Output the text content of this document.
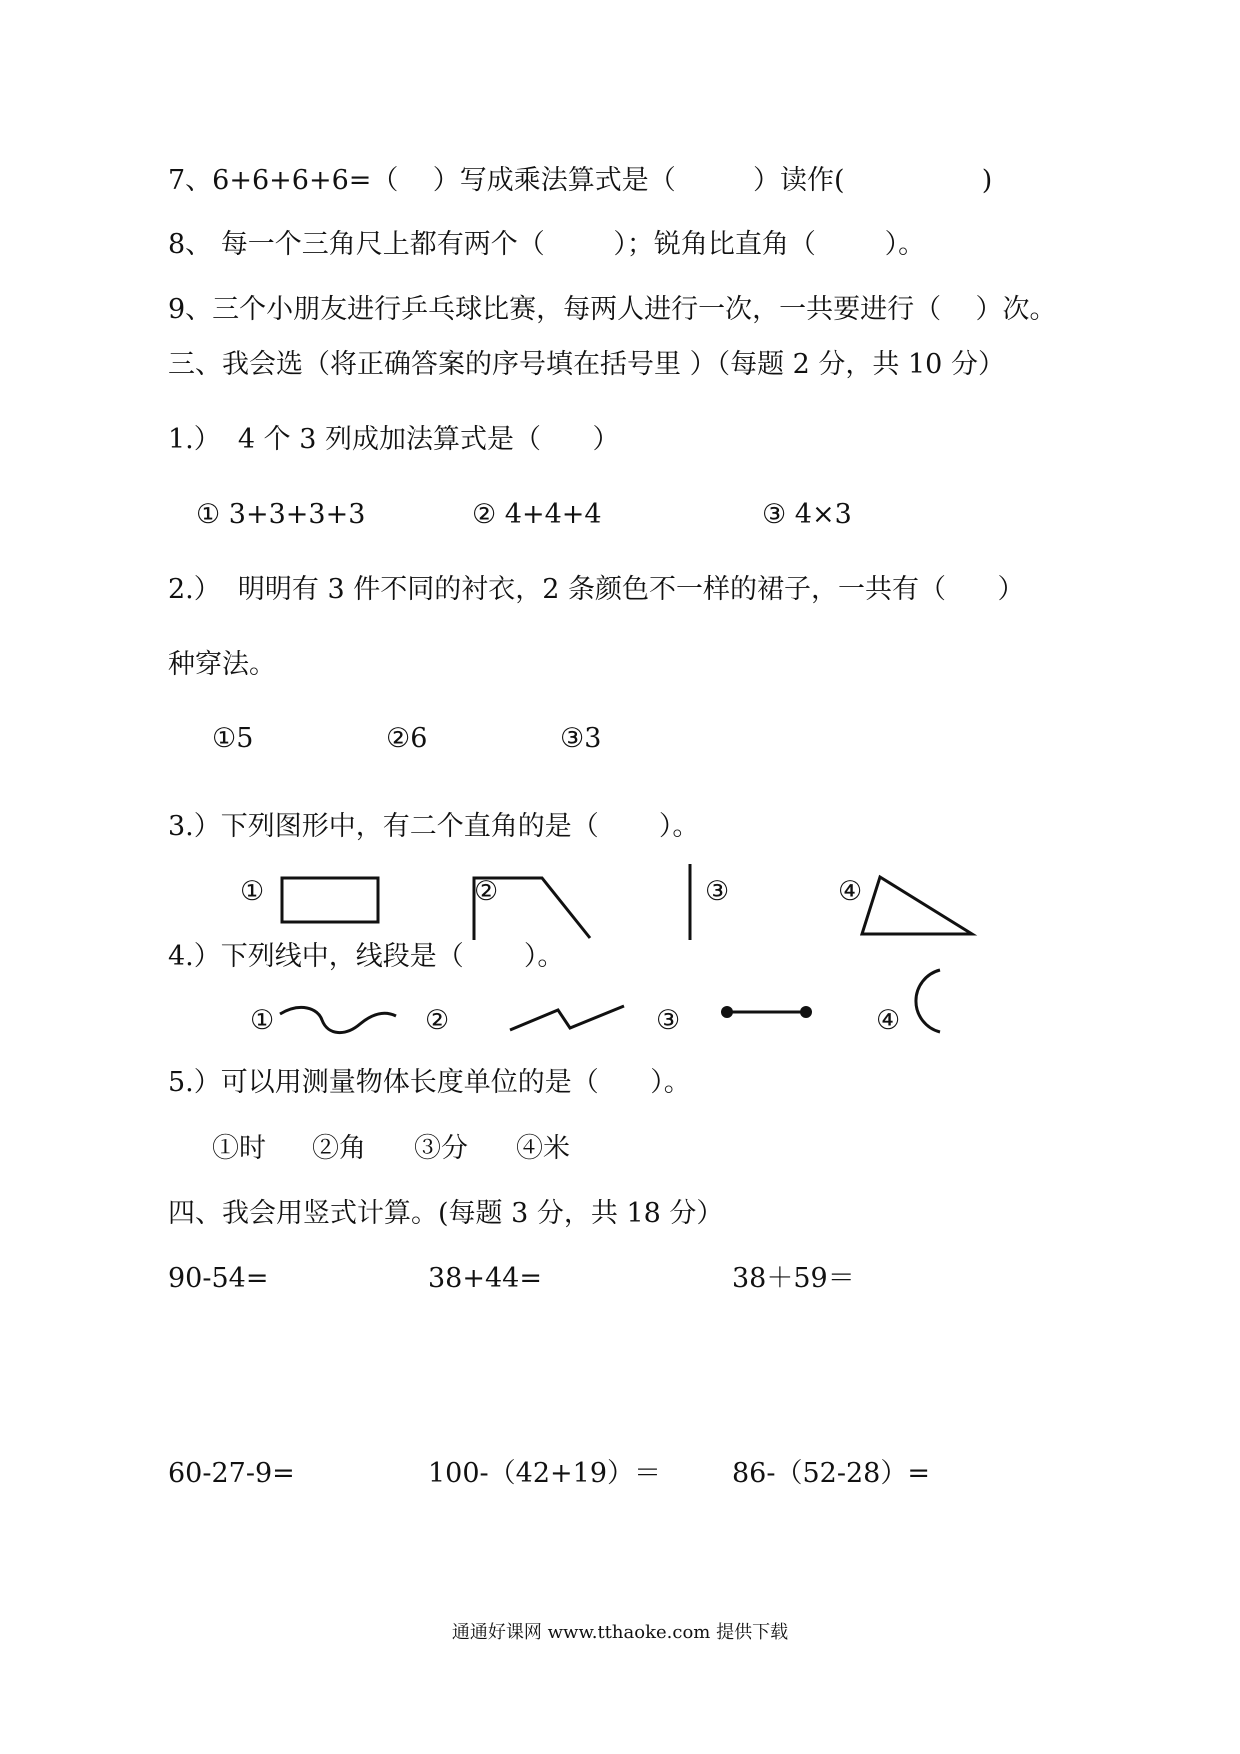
7、6+6+6+6=（    ）写成乘法算式是（         ）读作(                )
8、 每一个三角尺上都有两个（        ）；锐角比直角（        ）。
9、三个小朋友进行乒乓球比赛，每两人进行一次，一共要进行（    ）次。
三、我会选（将正确答案的序号填在括号里 ）（每题 2 分，共 10 分）
1.）  4 个 3 列成加法算式是（      ）
① 3+3+3+3	② 4+4+4	③ 4×3
2.）  明明有 3 件不同的衬衣，2 条颜色不一样的裙子，一共有（      ）
种穿法。
①5	②6	③3
3.）下列图形中，有二个直角的是（       ）。
①	②	③	④
4.）下列线中，线段是（       ）。
①	②	③	④
5.）可以用测量物体长度单位的是（      ）。
①时 ②角 ③分 ④米
四、我会用竖式计算。(每题 3 分，共 18 分）
90-54=	38+44=	38＋59＝
60-27-9=	100-（42+19）＝	86-（52-28）=
通通好课网 www.tthaoke.com 提供下载
